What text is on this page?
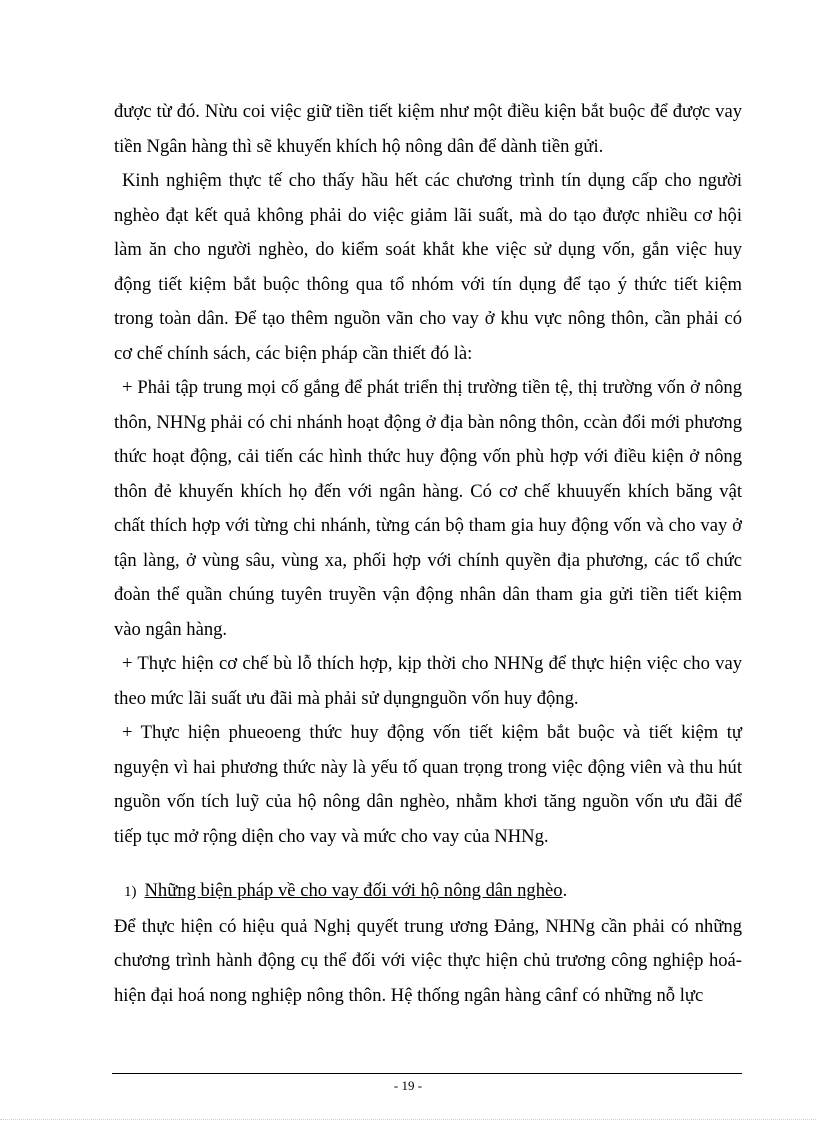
được từ đó. Nừu coi việc giữ tiền tiết kiệm như một điều kiện bắt buộc để được vay tiền Ngân hàng thì sẽ khuyến khích hộ nông dân để dành tiền gửi.

Kinh nghiệm thực tế cho thấy hầu hết các chương trình tín dụng cấp cho người nghèo đạt kết quả không phải do việc giảm lãi suất, mà do tạo được nhiều cơ hội làm ăn cho người nghèo, do kiểm soát khắt khe việc sử dụng vốn, gắn việc huy động tiết kiệm bắt buộc thông qua tổ nhóm với tín dụng để tạo ý thức tiết kiệm trong toàn dân. Để tạo thêm nguồn vãn cho vay ở khu vực nông thôn, cần phải có cơ chế chính sách, các biện pháp cần thiết đó là:

+ Phải tập trung mọi cố gắng để phát triển thị trường tiền tệ, thị trường vốn ở nông thôn, NHNg phải có chi nhánh hoạt động ở địa bàn nông thôn, ccàn đổi mới phương thức hoạt động, cải tiến các hình thức huy động vốn phù hợp với điều kiện ở nông thôn đẻ khuyến khích họ đến với ngân hàng. Có cơ chế khuuyến khích băng vật chất thích hợp với từng chi nhánh, từng cán bộ tham gia huy động vốn và cho vay ở tận làng, ở vùng sâu, vùng xa, phối hợp với chính quyền địa phương, các tổ chức đoàn thể quần chúng tuyên truyền vận động nhân dân tham gia gửi tiền tiết kiệm vào ngân hàng.

+ Thực hiện cơ chế bù lỗ thích hợp, kịp thời cho NHNg để thực hiện việc cho vay theo mức lãi suất ưu đãi mà phải sử dụngnguồn vốn huy động.

+ Thực hiện phueoeng thức huy động vốn tiết kiệm bắt buộc và tiết kiệm tự nguyện vì hai phương thức này là yếu tố quan trọng trong việc động viên và thu hút nguồn vốn tích luỹ của hộ nông dân nghèo, nhằm khơi tăng nguồn vốn ưu đãi để tiếp tục mở rộng diện cho vay và mức cho vay của NHNg.

1) Những biện pháp về cho vay đối với hộ nông dân nghèo.

Để thực hiện có hiệu quả Nghị quyết trung ương Đảng, NHNg cần phải có những chương trình hành động cụ thể đối với việc thực hiện chủ trương công nghiệp hoá-hiện đại hoá nong nghiệp nông thôn. Hệ thống ngân hàng cânf có những nỗ lực

- 19 -
